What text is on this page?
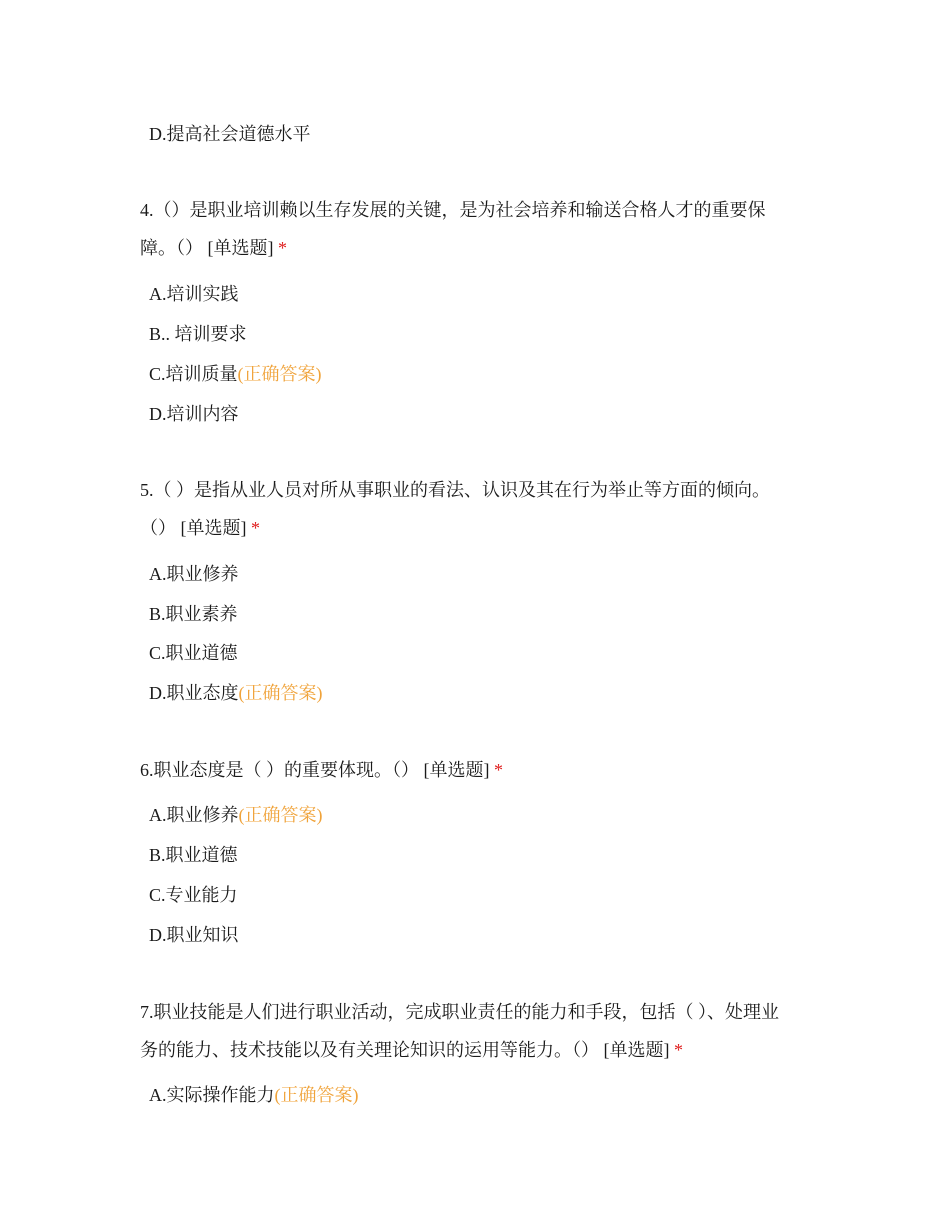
D.提高社会道德水平
4.（）是职业培训赖以生存发展的关键，是为社会培养和输送合格人才的重要保
障。（） [单选题] *
A.培训实践
B.. 培训要求
C.培训质量(正确答案)
D.培训内容
5.（ ）是指从业人员对所从事职业的看法、认识及其在行为举止等方面的倾向。
（） [单选题] *
A.职业修养
B.职业素养
C.职业道德
D.职业态度(正确答案)
6.职业态度是（ ）的重要体现。（） [单选题] *
A.职业修养(正确答案)
B.职业道德
C.专业能力
D.职业知识
7.职业技能是人们进行职业活动，完成职业责任的能力和手段，包括（ ）、处理业
务的能力、技术技能以及有关理论知识的运用等能力。（） [单选题] *
A.实际操作能力(正确答案)
